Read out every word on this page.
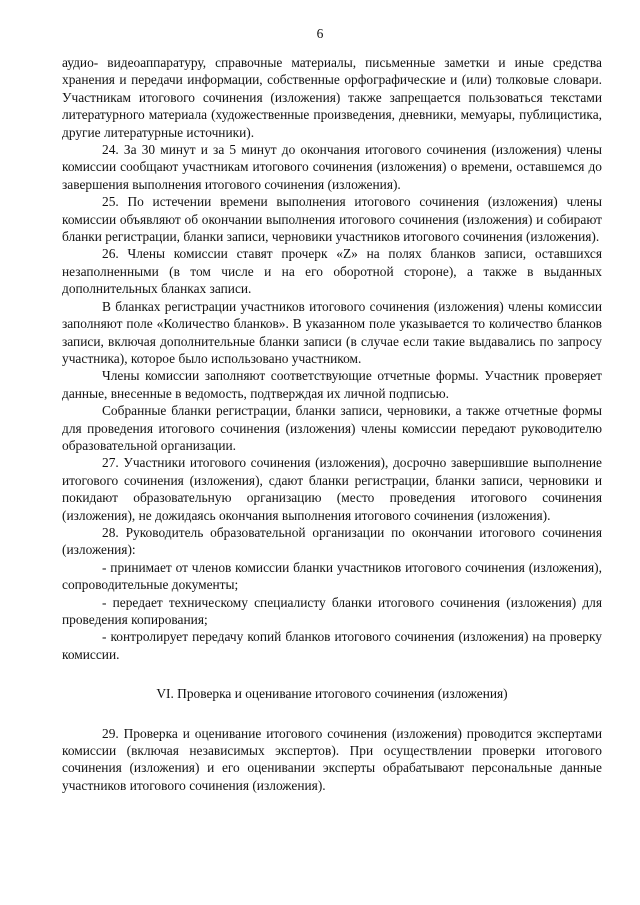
6

аудио- видеоаппаратуру, справочные материалы, письменные заметки и иные средства хранения и передачи информации, собственные орфографические и (или) толковые словари. Участникам итогового сочинения (изложения) также запрещается пользоваться текстами литературного материала (художественные произведения, дневники, мемуары, публицистика, другие литературные источники).

24. За 30 минут и за 5 минут до окончания итогового сочинения (изложения) члены комиссии сообщают участникам итогового сочинения (изложения) о времени, оставшемся до завершения выполнения итогового сочинения (изложения).

25. По истечении времени выполнения итогового сочинения (изложения) члены комиссии объявляют об окончании выполнения итогового сочинения (изложения) и собирают бланки регистрации, бланки записи, черновики участников итогового сочинения (изложения).

26. Члены комиссии ставят прочерк «Z» на полях бланков записи, оставшихся незаполненными (в том числе и на его оборотной стороне), а также в выданных дополнительных бланках записи.

В бланках регистрации участников итогового сочинения (изложения) члены комиссии заполняют поле «Количество бланков». В указанном поле указывается то количество бланков записи, включая дополнительные бланки записи (в случае если такие выдавались по запросу участника), которое было использовано участником.

Члены комиссии заполняют соответствующие отчетные формы. Участник проверяет данные, внесенные в ведомость, подтверждая их личной подписью.

Собранные бланки регистрации, бланки записи, черновики, а также отчетные формы для проведения итогового сочинения (изложения) члены комиссии передают руководителю образовательной организации.

27. Участники итогового сочинения (изложения), досрочно завершившие выполнение итогового сочинения (изложения), сдают бланки регистрации, бланки записи, черновики и покидают образовательную организацию (место проведения итогового сочинения (изложения), не дожидаясь окончания выполнения итогового сочинения (изложения).

28. Руководитель образовательной организации по окончании итогового сочинения (изложения):

- принимает от членов комиссии бланки участников итогового сочинения (изложения), сопроводительные документы;

- передает техническому специалисту бланки итогового сочинения (изложения) для проведения копирования;

- контролирует передачу копий бланков итогового сочинения (изложения) на проверку комиссии.

VI. Проверка и оценивание итогового сочинения (изложения)

29. Проверка и оценивание итогового сочинения (изложения) проводится экспертами комиссии (включая независимых экспертов). При осуществлении проверки итогового сочинения (изложения) и его оценивании эксперты обрабатывают персональные данные участников итогового сочинения (изложения).
